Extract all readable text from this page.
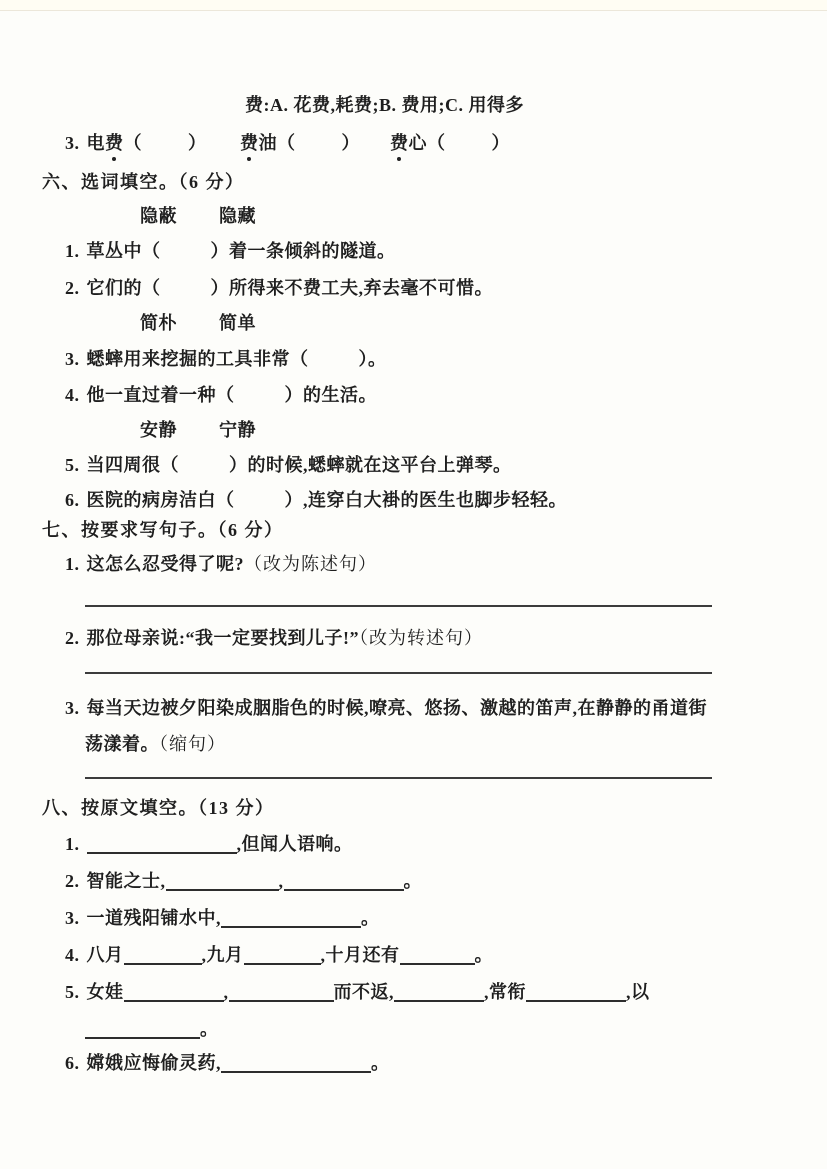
费:A. 花费,耗费;B. 费用;C. 用得多
3. 电费（	） 费油（	） 费心（	）
六、选词填空。（6 分）
隐蔽 隐藏
1. 草丛中（	）着一条倾斜的隧道。
2. 它们的（	）所得来不费工夫,弃去毫不可惜。
简朴 简单
3. 蟋蟀用来挖掘的工具非常（	）。
4. 他一直过着一种（	）的生活。
安静 宁静
5. 当四周很（	）的时候,蟋蟀就在这平台上弹琴。
6. 医院的病房洁白（	）,连穿白大褂的医生也脚步轻轻。
七、按要求写句子。（6 分）
1. 这怎么忍受得了呢?（改为陈述句）
2. 那位母亲说:“我一定要找到儿子!”（改为转述句）
3. 每当天边被夕阳染成胭脂色的时候,嘹亮、悠扬、激越的笛声,在静静的甬道街
荡漾着。（缩句）
八、按原文填空。（13 分）
1.	,但闻人语响。
2. 智能之士,	,	。
3. 一道残阳铺水中,	。
4. 八月	,九月	,十月还有	。
5. 女娃	,	而不返,	,常衔	,以
。
6. 嫦娥应悔偷灵药,	。
